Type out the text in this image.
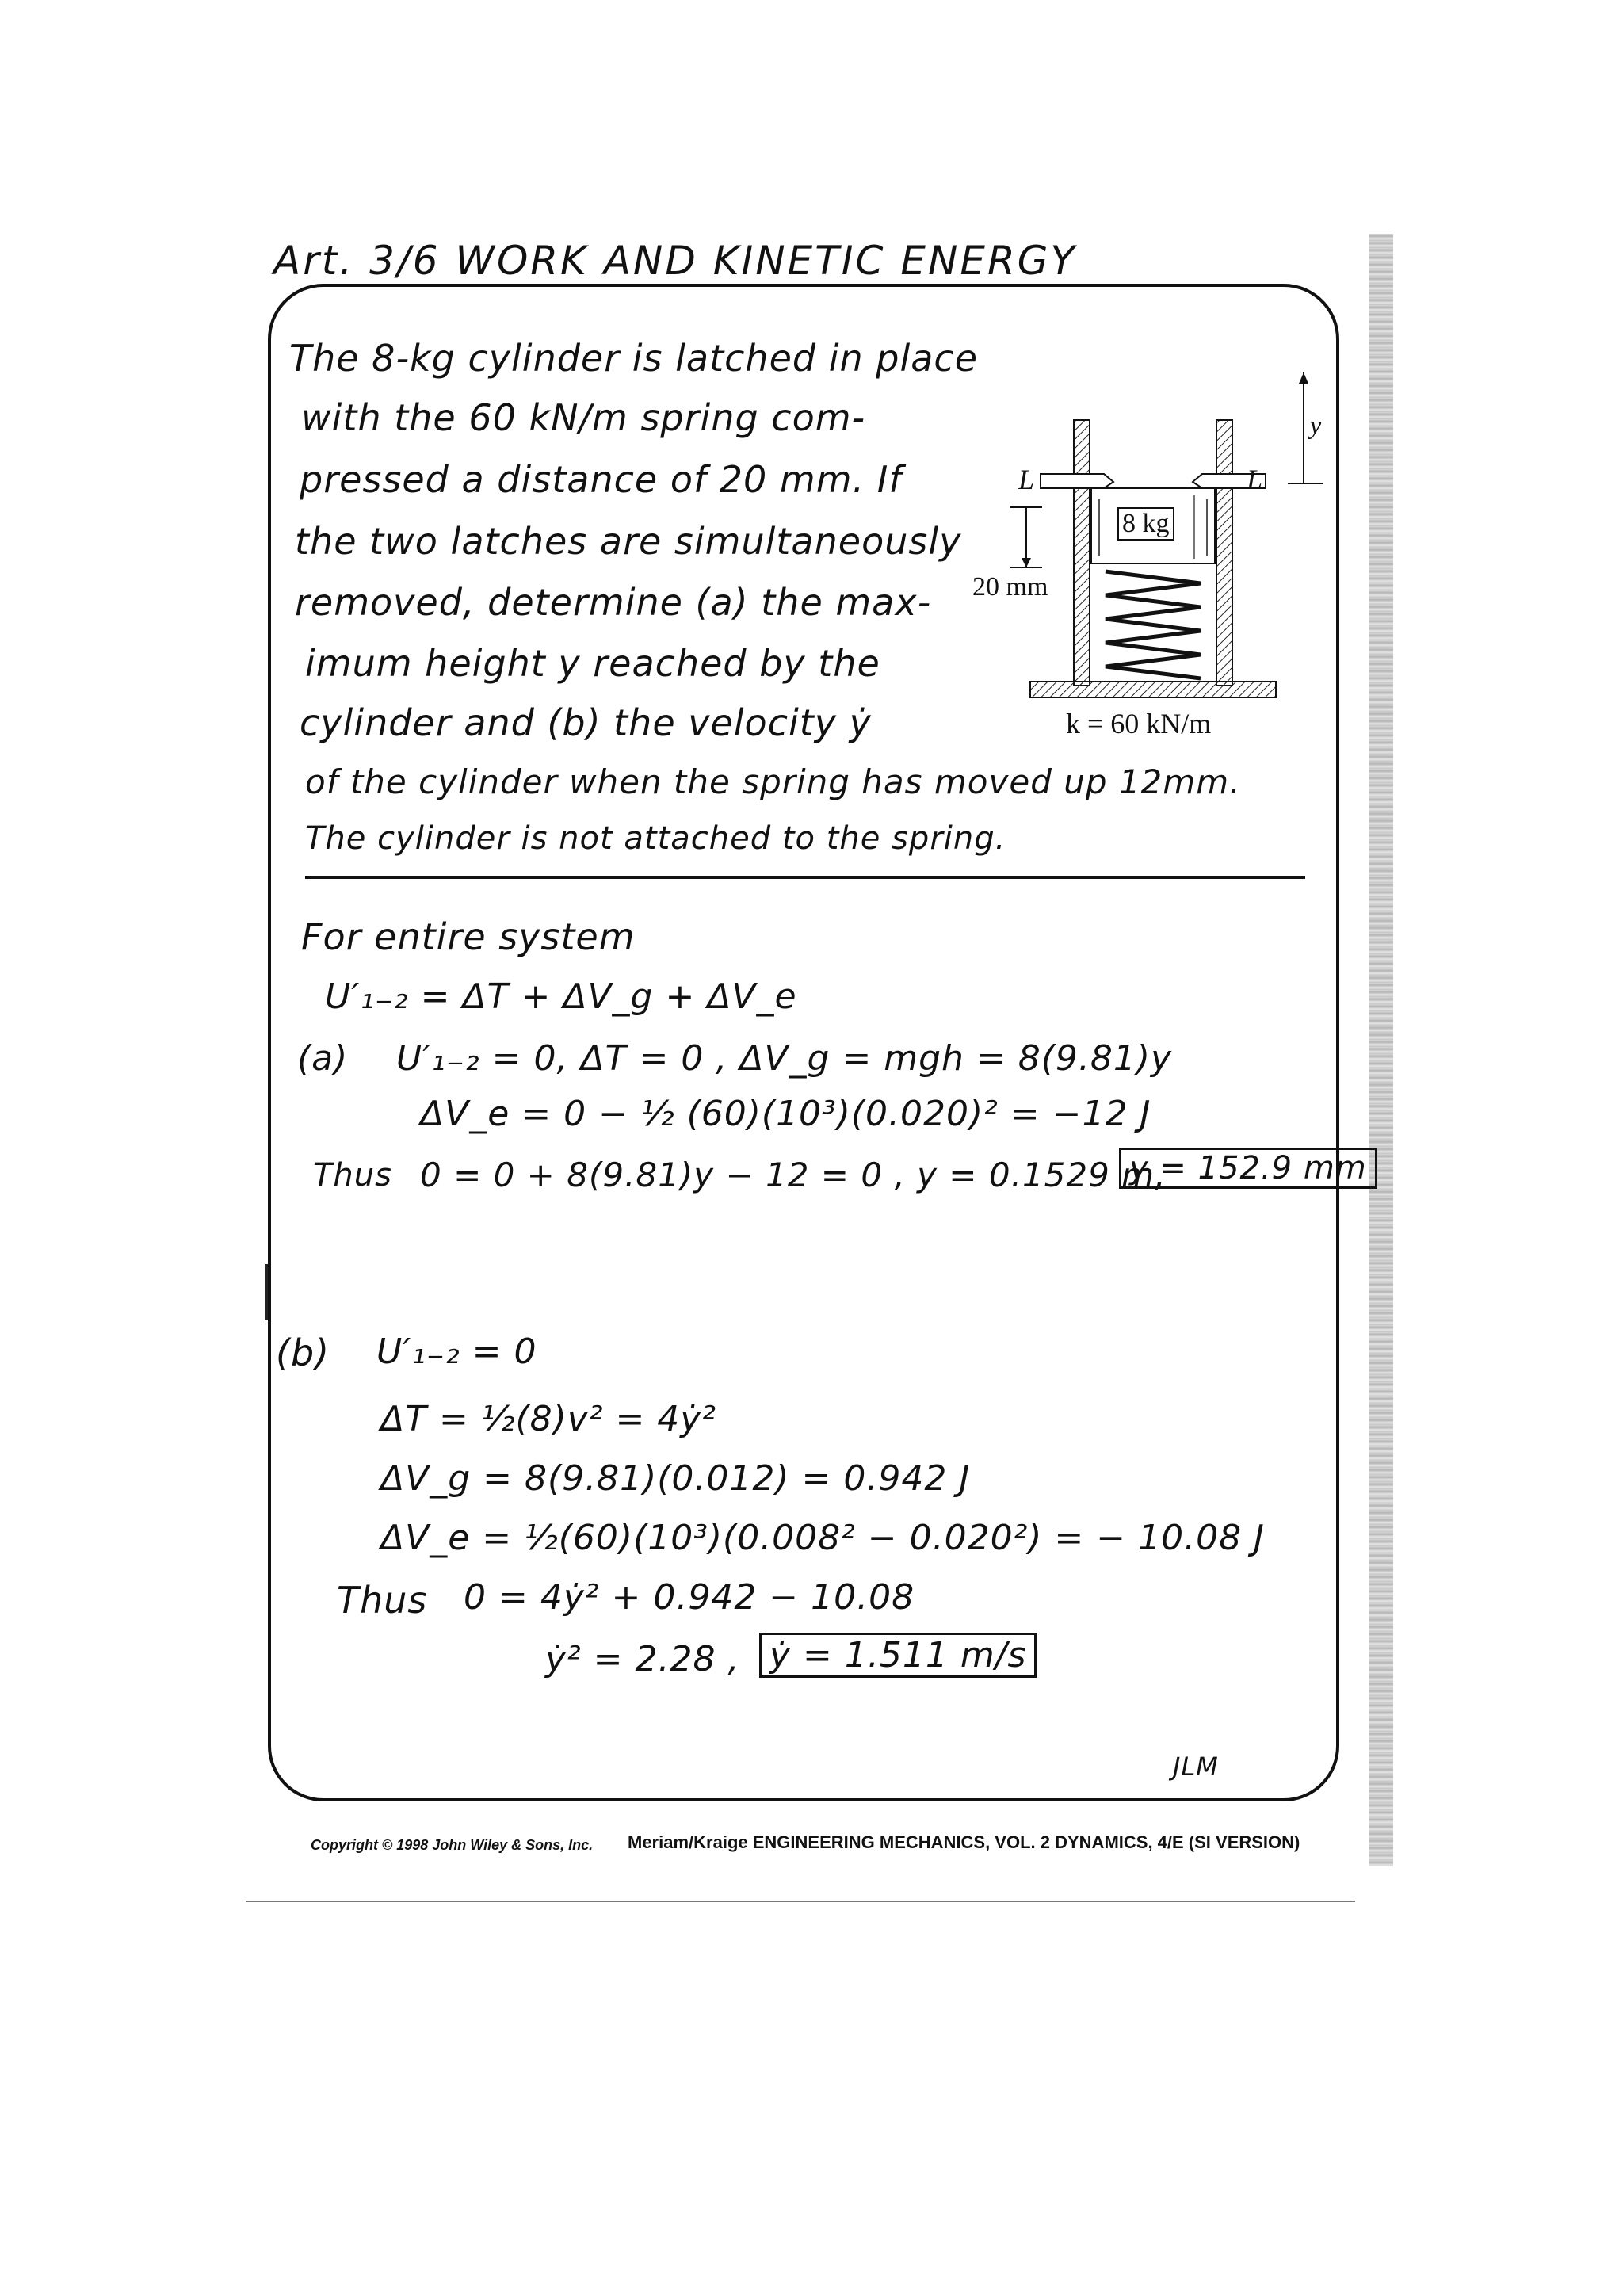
Art. 3/6 WORK AND KINETIC ENERGY
The 8-kg cylinder is latched in place
with the 60 kN/m spring com-
pressed a distance of 20 mm. If
the two latches are simultaneously
removed, determine (a) the max-
imum height y reached by the
cylinder and (b) the velocity ẏ
of the cylinder when the spring has moved up 12mm.
The cylinder is not attached to the spring.
L	L
8 kg
y
20 mm
k = 60 kN/m
For entire system
U′₁₋₂ = ΔT + ΔV_g + ΔV_e
(a) U′₁₋₂ = 0, ΔT = 0 , ΔV_g = mgh = 8(9.81)y
ΔV_e = 0 − ½ (60)(10³)(0.020)² = −12 J
Thus 0 = 0 + 8(9.81)y − 12 = 0 , y = 0.1529 m,
y = 152.9 mm
(b) U′₁₋₂ = 0
ΔT = ½(8)v² = 4ẏ²
ΔV_g = 8(9.81)(0.012) = 0.942 J
ΔV_e = ½(60)(10³)(0.008² − 0.020²) = − 10.08 J
Thus 0 = 4ẏ² + 0.942 − 10.08
ẏ² = 2.28 , ẏ = 1.511 m/s
JLM
Copyright © 1998 John Wiley & Sons, Inc. Meriam/Kraige ENGINEERING MECHANICS, VOL. 2 DYNAMICS, 4/E (SI VERSION)
